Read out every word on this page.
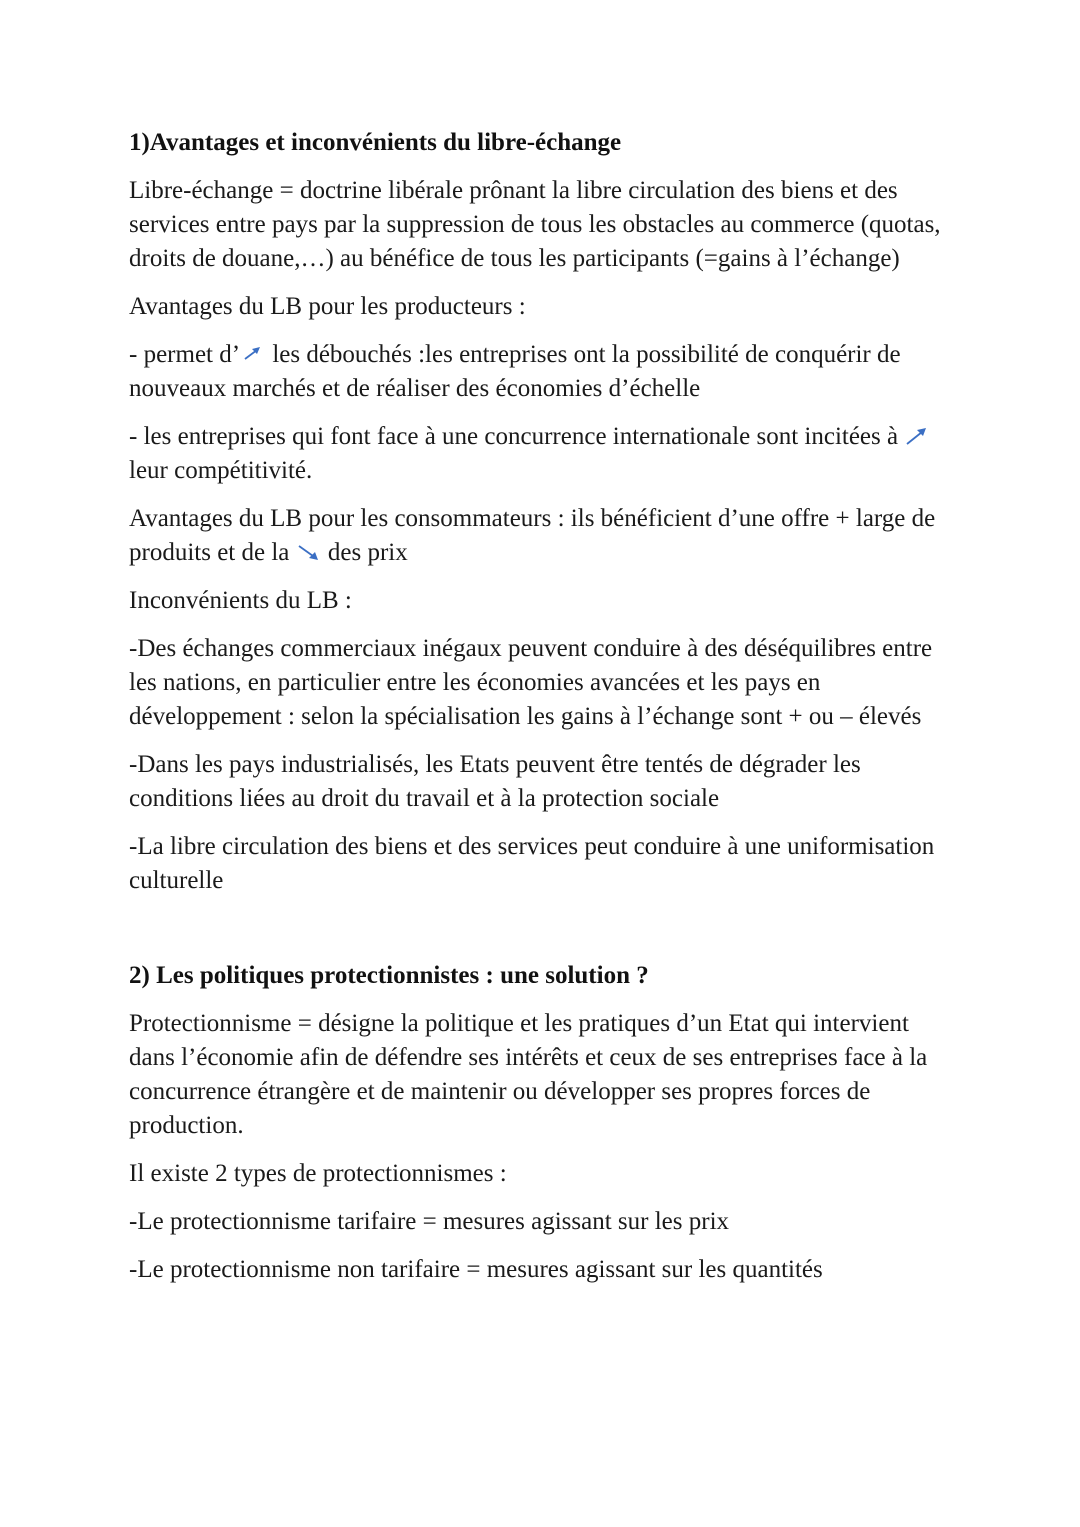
1)Avantages et inconvénients du libre-échange

Libre-échange = doctrine libérale prônant la libre circulation des biens et des services entre pays par la suppression de tous les obstacles au commerce (quotas, droits de douane,…) au bénéfice de tous les participants (=gains à l’échange)

Avantages du LB pour les producteurs :

- permet d’
les débouchés :les entreprises ont la possibilité de conquérir de nouveaux marchés et de réaliser des économies d’échelle

- les entreprises qui font face à une concurrence internationale sont incitées à
leur compétitivité.

Avantages du LB pour les consommateurs : ils bénéficient d’une offre + large de produits et de la
des prix

Inconvénients du LB :

-Des échanges commerciaux inégaux peuvent conduire à des déséquilibres entre les nations, en particulier entre les économies avancées et les pays en développement : selon la spécialisation les gains à l’échange sont + ou – élevés

-Dans les pays industrialisés, les Etats peuvent être tentés de dégrader les conditions liées au droit du travail et à la protection sociale

-La libre circulation des biens et des services peut conduire à une uniformisation culturelle

2) Les politiques protectionnistes : une solution ?

Protectionnisme = désigne la politique et les pratiques d’un Etat qui intervient dans l’économie afin de défendre ses intérêts et ceux de ses entreprises face à la concurrence étrangère et de maintenir ou développer ses propres forces de production.

Il existe 2 types de protectionnismes :

-Le protectionnisme tarifaire = mesures agissant sur les prix

-Le protectionnisme non tarifaire = mesures agissant sur les quantités
